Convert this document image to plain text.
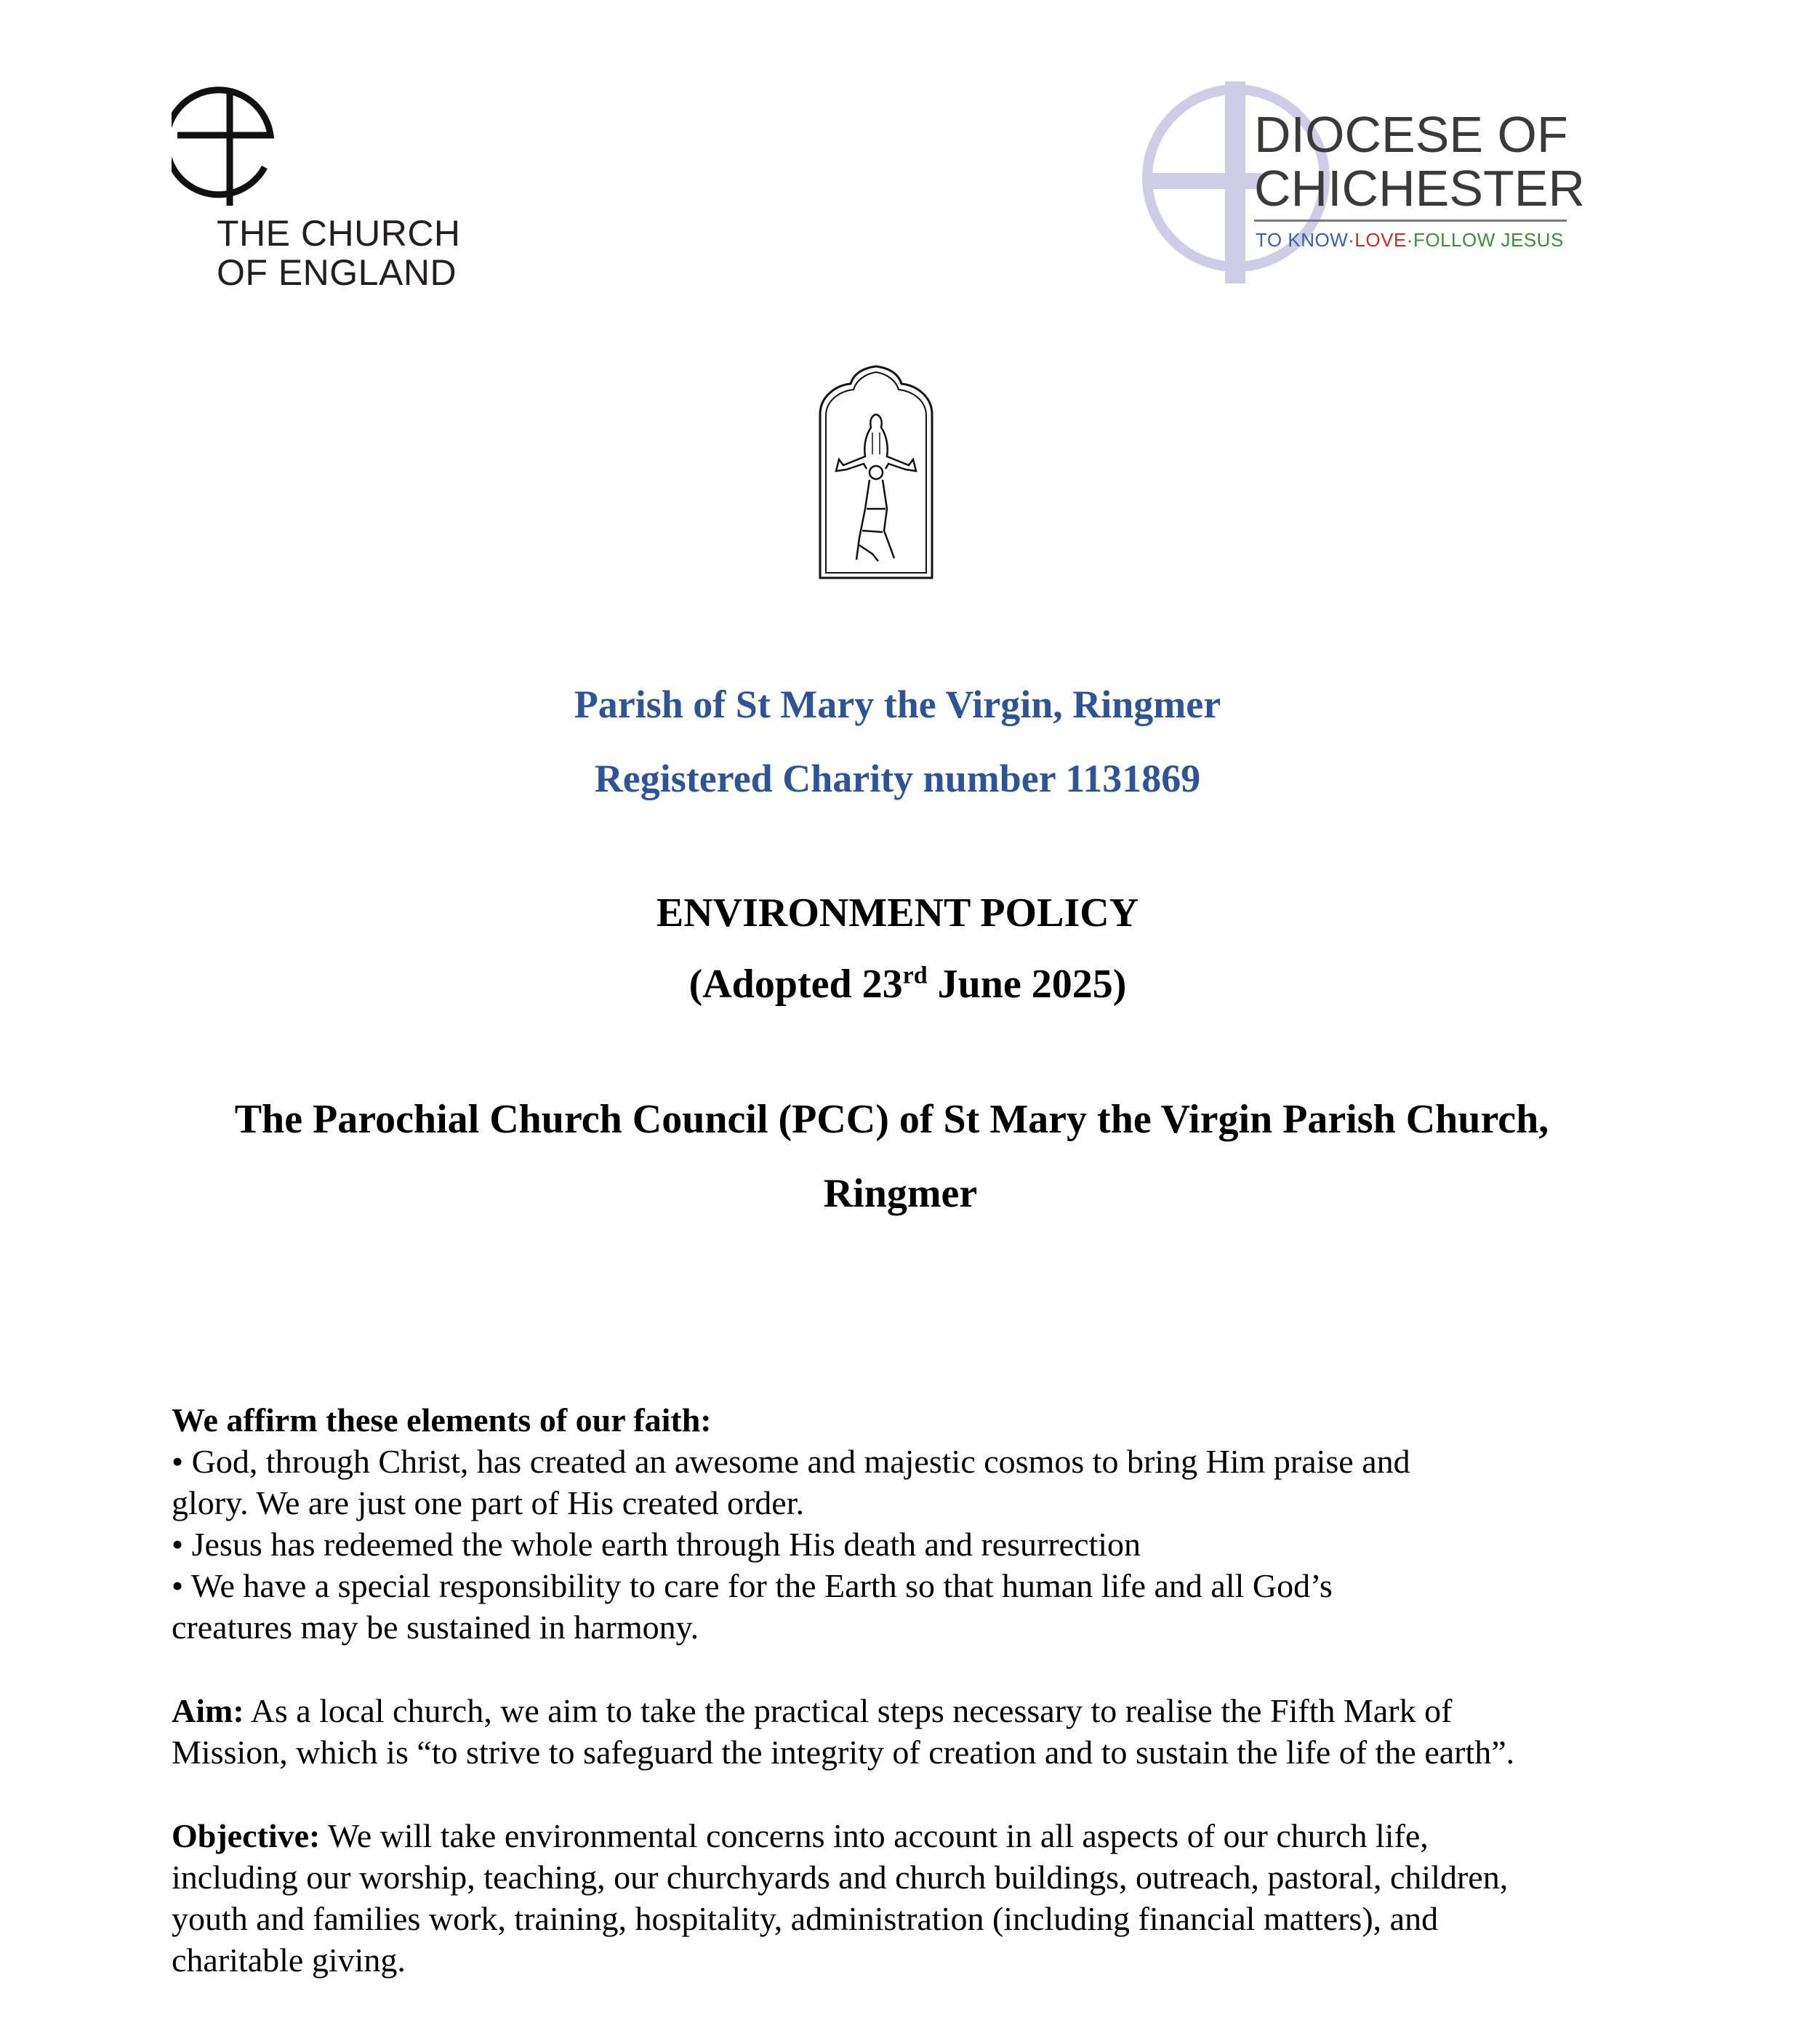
THE CHURCH
OF ENGLAND
DIOCESE OF
CHICHESTER
TO KNOW·LOVE·FOLLOW JESUS
Parish of St Mary the Virgin, Ringmer
Registered Charity number 1131869
ENVIRONMENT POLICY
(Adopted 23rd June 2025)
The Parochial Church Council (PCC) of St Mary the Virgin Parish Church,
Ringmer

We affirm these elements of our faith:

• God, through Christ, has created an awesome and majestic cosmos to bring Him praise and

glory. We are just one part of His created order.

• Jesus has redeemed the whole earth through His death and resurrection

• We have a special responsibility to care for the Earth so that human life and all God’s

creatures may be sustained in harmony.

Aim: As a local church, we aim to take the practical steps necessary to realise the Fifth Mark of

Mission, which is “to strive to safeguard the integrity of creation and to sustain the life of the earth”.

Objective: We will take environmental concerns into account in all aspects of our church life,

including our worship, teaching, our churchyards and church buildings, outreach, pastoral, children,

youth and families work, training, hospitality, administration (including financial matters), and

charitable giving.
